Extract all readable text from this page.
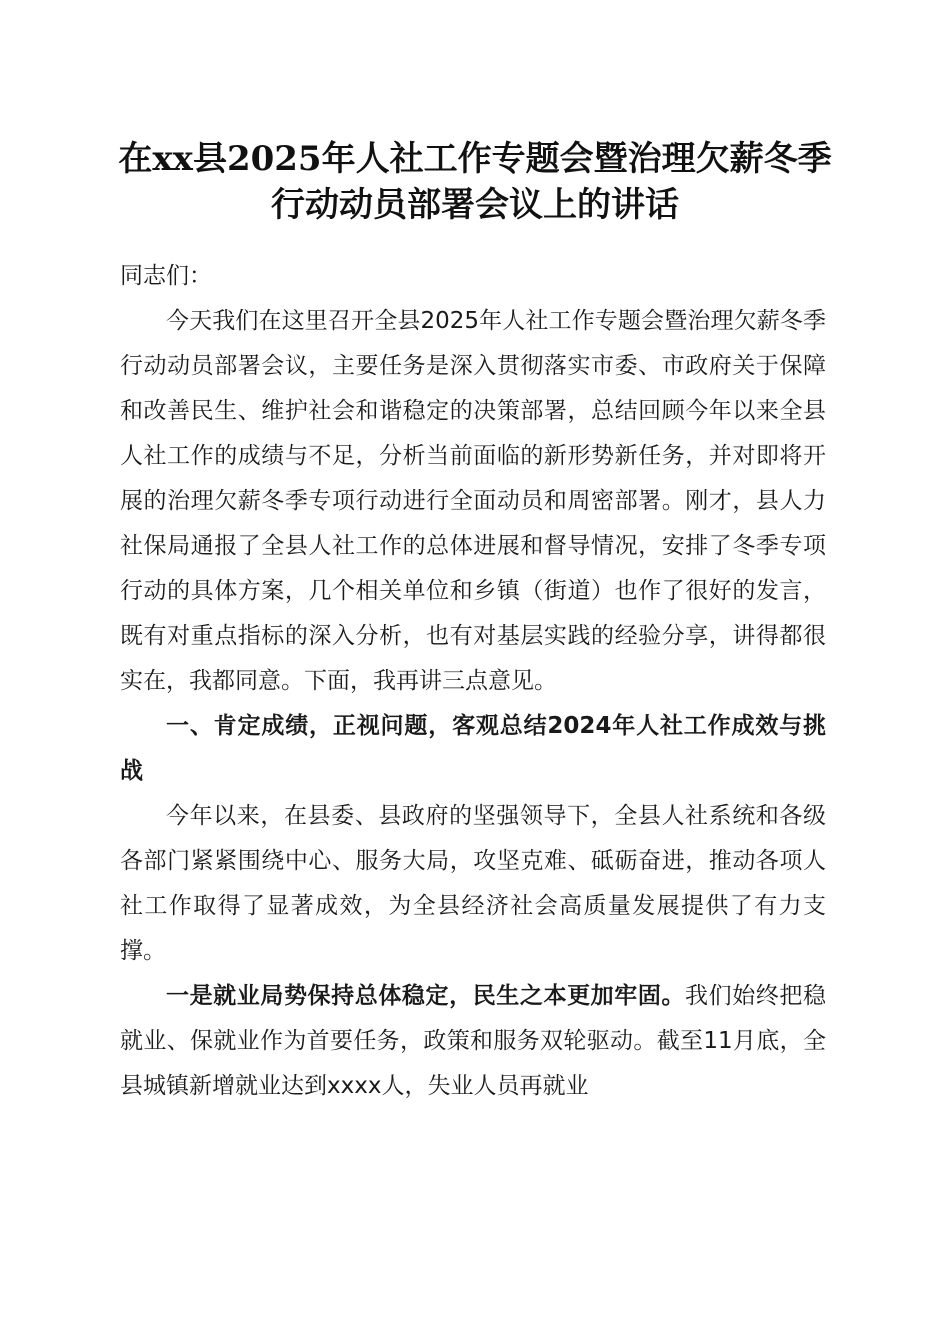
在xx县2025年人社工作专题会暨治理欠薪冬季行动动员部署会议上的讲话

同志们：

今天我们在这里召开全县2025年人社工作专题会暨治理欠薪冬季行动动员部署会议，主要任务是深入贯彻落实市委、市政府关于保障和改善民生、维护社会和谐稳定的决策部署，总结回顾今年以来全县人社工作的成绩与不足，分析当前面临的新形势新任务，并对即将开展的治理欠薪冬季专项行动进行全面动员和周密部署。刚才，县人力社保局通报了全县人社工作的总体进展和督导情况，安排了冬季专项行动的具体方案，几个相关单位和乡镇（街道）也作了很好的发言，既有对重点指标的深入分析，也有对基层实践的经验分享，讲得都很实在，我都同意。下面，我再讲三点意见。

一、肯定成绩，正视问题，客观总结2024年人社工作成效与挑战

今年以来，在县委、县政府的坚强领导下，全县人社系统和各级各部门紧紧围绕中心、服务大局，攻坚克难、砥砺奋进，推动各项人社工作取得了显著成效，为全县经济社会高质量发展提供了有力支撑。

一是就业局势保持总体稳定，民生之本更加牢固。我们始终把稳就业、保就业作为首要任务，政策和服务双轮驱动。截至11月底，全县城镇新增就业达到xxxx人，失业人员再就业
